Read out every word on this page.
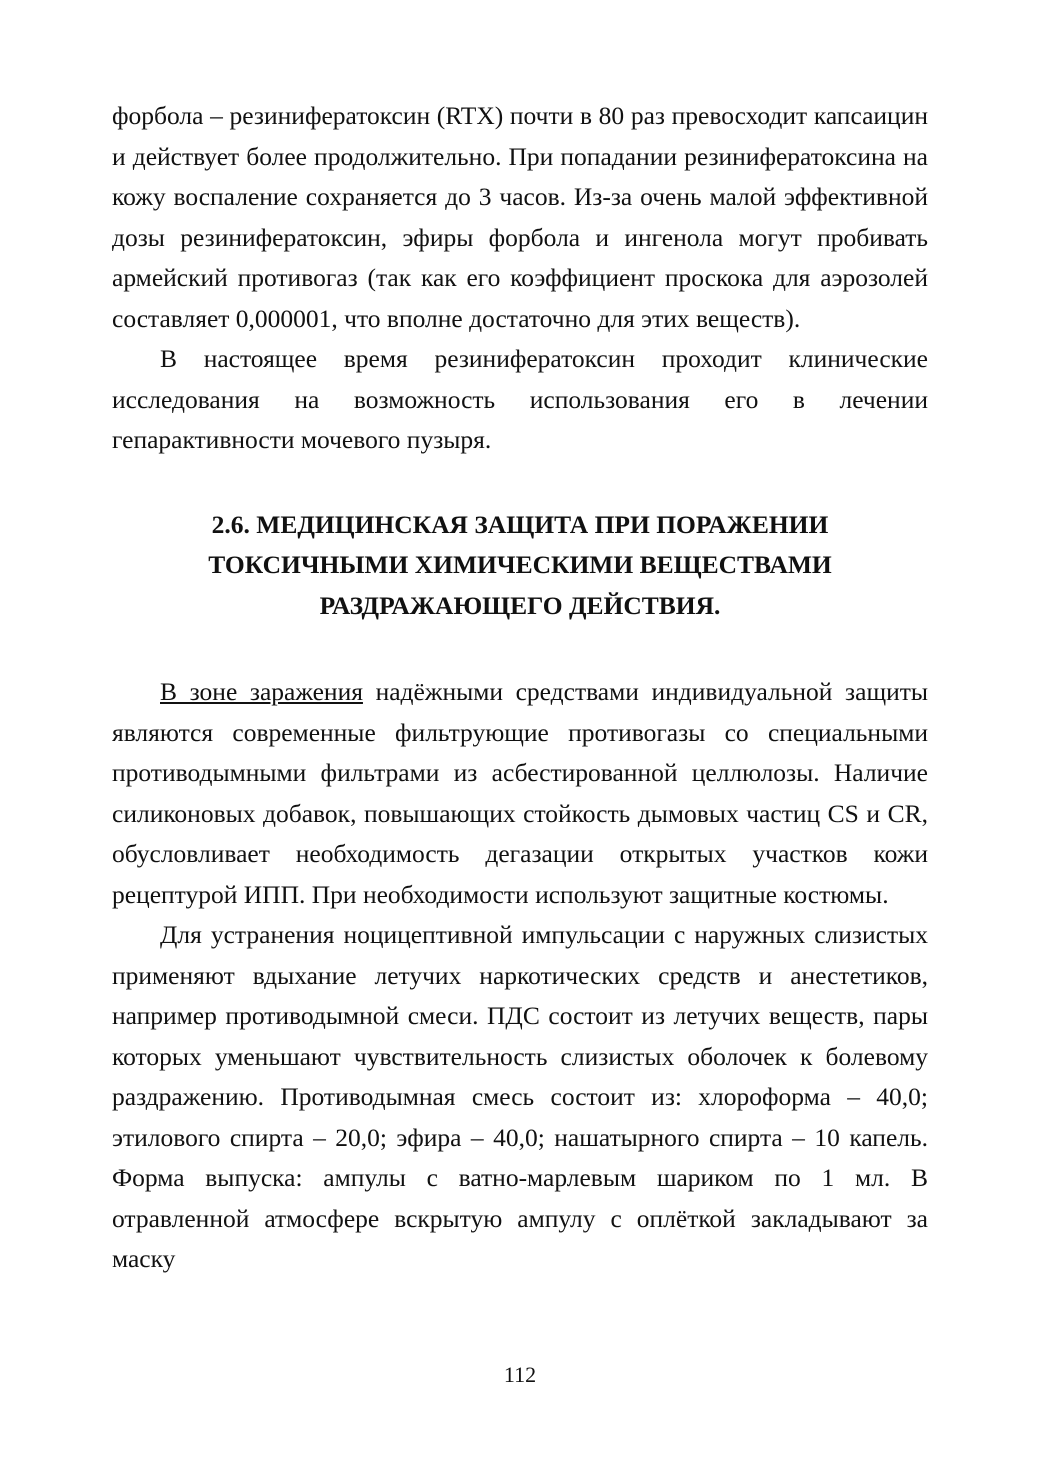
форбола – резинифератоксин (RTX) почти в 80 раз превосходит капсаицин и действует более продолжительно. При попадании резинифератоксина на кожу воспаление сохраняется до 3 часов. Из-за очень малой эффективной дозы резинифератоксин, эфиры форбола и ингенола могут пробивать армейский противогаз (так как его коэффициент проскока для аэрозолей составляет 0,000001, что вполне достаточно для этих веществ).

В настоящее время резинифератоксин проходит клинические исследования на возможность использования его в лечении гепарактивности мочевого пузыря.

2.6. МЕДИЦИНСКАЯ ЗАЩИТА ПРИ ПОРАЖЕНИИ
ТОКСИЧНЫМИ ХИМИЧЕСКИМИ ВЕЩЕСТВАМИ
РАЗДРАЖАЮЩЕГО ДЕЙСТВИЯ.

В зоне заражения надёжными средствами индивидуальной защиты являются современные фильтрующие противогазы со специальными противодымными фильтрами из асбестированной целлюлозы. Наличие силиконовых добавок, повышающих стойкость дымовых частиц CS и CR, обусловливает необходимость дегазации открытых участков кожи рецептурой ИПП. При необходимости используют защитные костюмы.

Для устранения ноцицептивной импульсации с наружных слизистых применяют вдыхание летучих наркотических средств и анестетиков, например противодымной смеси. ПДС состоит из летучих веществ, пары которых уменьшают чувствительность слизистых оболочек к болевому раздражению. Противодымная смесь состоит из: хлороформа – 40,0; этилового спирта – 20,0; эфира – 40,0; нашатырного спирта – 10 капель. Форма выпуска: ампулы с ватно-марлевым шариком по 1 мл. В отравленной атмосфере вскрытую ампулу с оплёткой закладывают за маску

112
